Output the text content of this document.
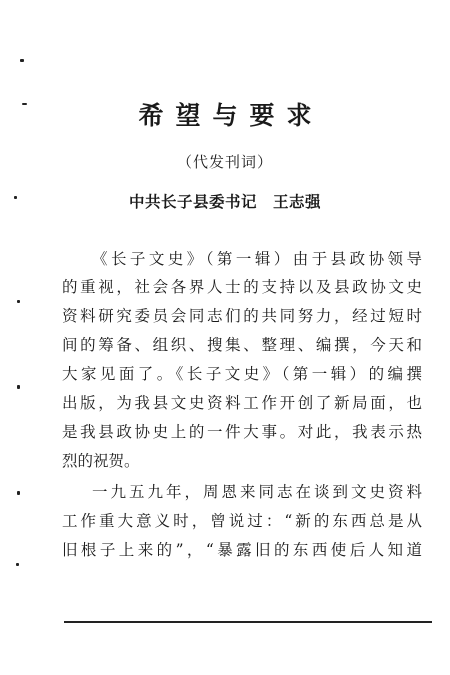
希望与要求
（代发刊词）
中共长子县委书记 王志强
《长子文史》（第一辑）由于县政协领导
的重视，社会各界人士的支持以及县政协文史
资料研究委员会同志们的共同努力，经过短时
间的筹备、组织、搜集、整理、编撰，今天和
大家见面了。《长子文史》（第一辑）的编撰
出版，为我县文史资料工作开创了新局面，也
是我县政协史上的一件大事。对此，我表示热
烈的祝贺。
一九五九年，周恩来同志在谈到文史资料
工作重大意义时，曾说过：“新的东西总是从
旧根子上来的”，“暴露旧的东西使后人知道
